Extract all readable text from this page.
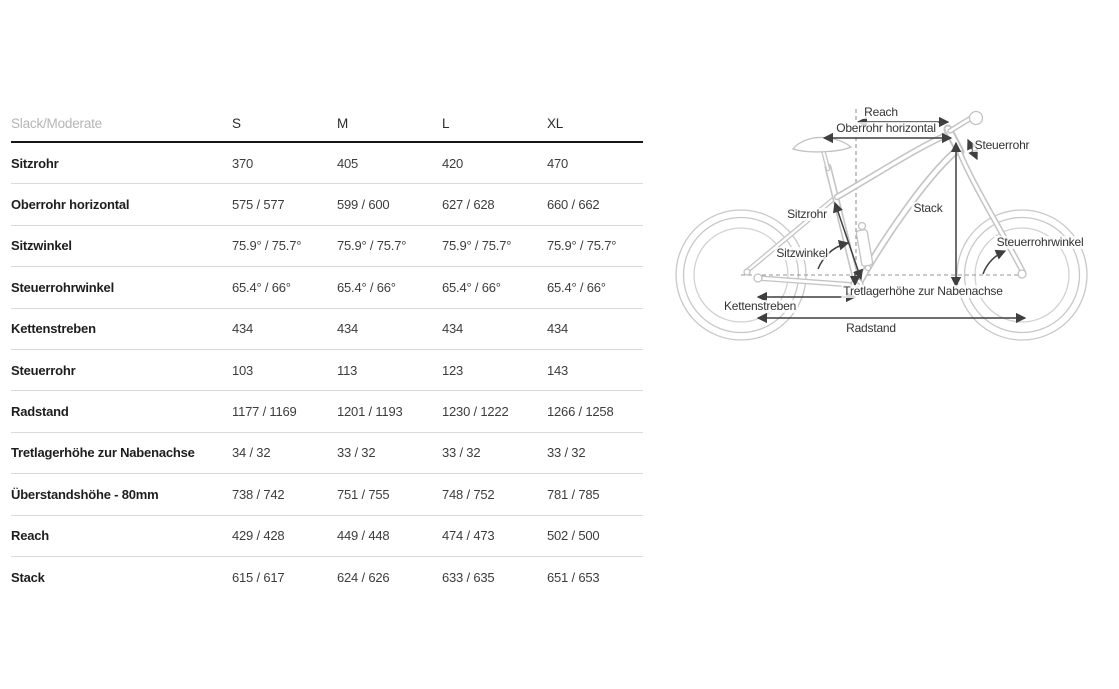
Slack/Moderate	S	M	L	XL
Sitzrohr	370	405	420	470
Oberrohr horizontal	575 / 577	599 / 600	627 / 628	660 / 662
Sitzwinkel	75.9° / 75.7°	75.9° / 75.7°	75.9° / 75.7°	75.9° / 75.7°
Steuerrohrwinkel	65.4° / 66°	65.4° / 66°	65.4° / 66°	65.4° / 66°
Kettenstreben	434	434	434	434
Steuerrohr	103	113	123	143
Radstand	1177 / 1169	1201 / 1193	1230 / 1222	1266 / 1258
Tretlagerhöhe zur Nabenachse	34 / 32	33 / 32	33 / 32	33 / 32
Überstandshöhe - 80mm	738 / 742	751 / 755	748 / 752	781 / 785
Reach	429 / 428	449 / 448	474 / 473	502 / 500
Stack	615 / 617	624 / 626	633 / 635	651 / 653
Reach
Oberrohr horizontal
Steuerrohr
Stack
Sitzrohr
Sitzwinkel
Steuerrohrwinkel
Tretlagerhöhe zur Nabenachse
Kettenstreben
Radstand
